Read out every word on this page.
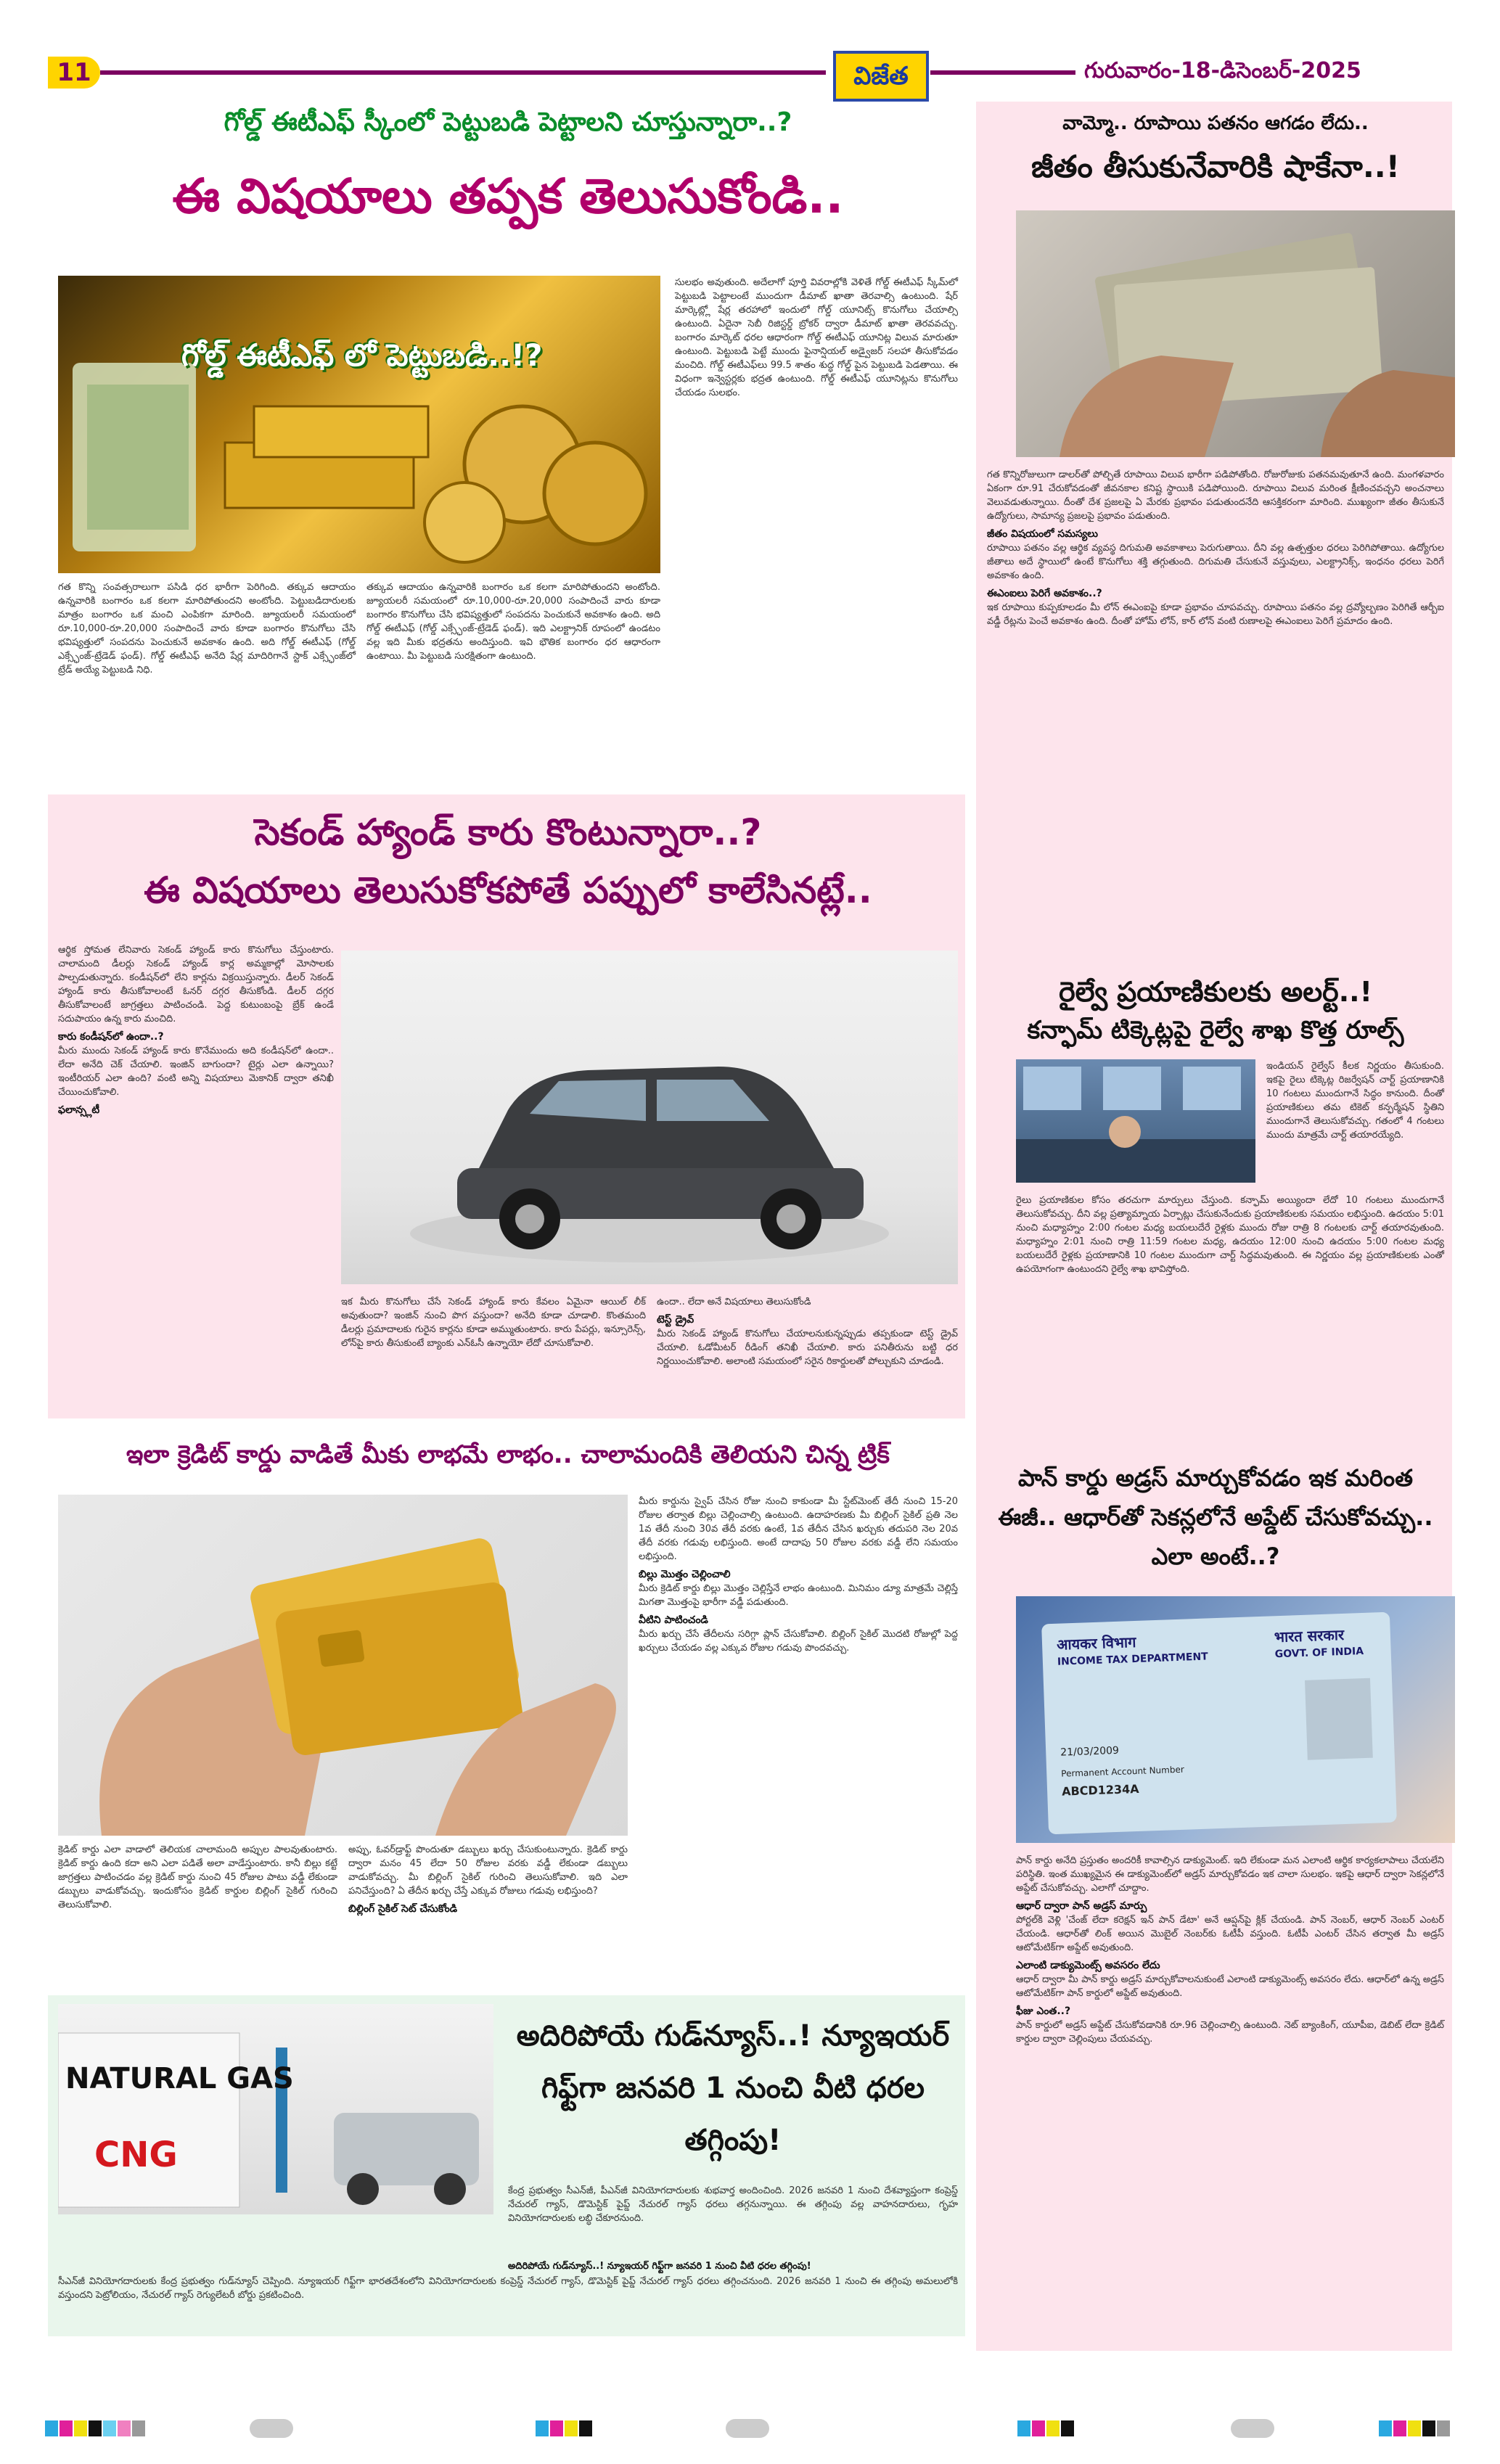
11	విజేత	గురువారం-18-డిసెంబర్-2025
గోల్డ్ ఈటీఎఫ్ స్కీంలో పెట్టుబడి పెట్టాలని చూస్తున్నారా..?
ఈ విషయాలు తప్పక తెలుసుకోండి..
గోల్డ్ ఈటీఎఫ్ లో పెట్టుబడి..!?
గత కొన్ని సంవత్సరాలుగా పసిడి ధర భారీగా పెరిగింది. తక్కువ ఆదాయం ఉన్నవారికి బంగారం ఒక కలగా మారిపోతుందని అంటోంది. పెట్టుబడిదారులకు మాత్రం బంగారం ఒక మంచి ఎంపికగా మారింది. జ్యూయలరీ సమయంలో రూ.10,000-రూ.20,000 సంపాదించే వారు కూడా బంగారం కొనుగోలు చేసి భవిష్యత్తులో సంపదను పెంచుకునే అవకాశం ఉంది. అది గోల్డ్ ఈటీఎఫ్ (గోల్డ్ ఎక్స్ఛేంజ్-ట్రేడెడ్ ఫండ్). గోల్డ్ ఈటీఎఫ్ అనేది షేర్ల మాదిరిగానే స్టాక్ ఎక్స్ఛేంజ్‌లో ట్రేడ్ అయ్యే పెట్టుబడి నిధి.
తక్కువ ఆదాయం ఉన్నవారికి బంగారం ఒక కలగా మారిపోతుందని అంటోంది. జ్యూయలరీ సమయంలో రూ.10,000-రూ.20,000 సంపాదించే వారు కూడా బంగారం కొనుగోలు చేసి భవిష్యత్తులో సంపదను పెంచుకునే అవకాశం ఉంది. అది గోల్డ్ ఈటీఎఫ్ (గోల్డ్ ఎక్స్ఛేంజ్-ట్రేడెడ్ ఫండ్). ఇది ఎలక్ట్రానిక్ రూపంలో ఉండటం వల్ల ఇది మీకు భద్రతను అందిస్తుంది. ఇవి భౌతిక బంగారం ధర ఆధారంగా ఉంటాయి. మీ పెట్టుబడి సురక్షితంగా ఉంటుంది.
సులభం అవుతుంది. అదేలాగో పూర్తి వివరాల్లోకి వెళితే గోల్డ్ ఈటీఎఫ్ స్కీమ్‌లో పెట్టుబడి పెట్టాలంటే ముందుగా డీమాట్ ఖాతా తెరవాల్సి ఉంటుంది. షేర్ మార్కెట్ల్లో షేర్ల తరహాలో ఇందులో గోల్డ్ యూనిట్స్ కొనుగోలు చేయాల్సి ఉంటుంది. ఏదైనా సెబీ రిజిస్టర్డ్ బ్రోకర్ ద్వారా డీమాట్ ఖాతా తెరవవచ్చు. బంగారం మార్కెట్ ధరల ఆధారంగా గోల్డ్ ఈటీఎఫ్ యూనిట్ల విలువ మారుతూ ఉంటుంది. పెట్టుబడి పెట్టే ముందు ఫైనాన్షియల్ అడ్వైజర్ సలహా తీసుకోవడం మంచిది. గోల్డ్ ఈటీఎఫ్‌లు 99.5 శాతం శుద్ధ గోల్డ్ పైన పెట్టుబడి పెడతాయి. ఈ విధంగా ఇన్వెస్టర్లకు భద్రత ఉంటుంది. గోల్డ్ ఈటీఎఫ్ యూనిట్లను కొనుగోలు చేయడం సులభం.
సెకండ్ హ్యాండ్ కారు కొంటున్నారా..?
ఈ విషయాలు తెలుసుకోకపోతే పప్పులో కాలేసినట్లే..
ఆర్థిక స్తోమత లేనివారు సెకండ్ హ్యాండ్ కారు కొనుగోలు చేస్తుంటారు. చాలామంది డీలర్లు సెకండ్ హ్యాండ్ కార్ల అమ్మకాల్లో మోసాలకు పాల్పడుతున్నారు. కండీషన్‌లో లేని కార్లను విక్రయిస్తున్నారు. డీలర్ సెకండ్ హ్యాండ్ కారు తీసుకోవాలంటే ఓనర్ దగ్గర తీసుకోండి. డీలర్ దగ్గర తీసుకోవాలంటే జాగ్రత్తలు పాటించండి. పెద్ద కుటుంబంపై బ్రేక్ ఉండే సదుపాయం ఉన్న కారు మంచిది.
కారు కండీషన్‌లో ఉందా..?
మీరు ముందు సెకండ్ హ్యాండ్ కారు కొనేముందు అది కండీషన్‌లో ఉందా.. లేదా అనేది చెక్ చేయాలి. ఇంజిన్ బాగుందా? టైర్లు ఎలా ఉన్నాయి? ఇంటీరియర్ ఎలా ఉంది? వంటి అన్ని విషయాలు మెకానిక్ ద్వారా తనిఖీ చేయించుకోవాలి.
ఫలాన్స్లటీ
ఇక మీరు కొనుగోలు చేసే సెకండ్ హ్యాండ్ కారు కేవలం ఏమైనా ఆయిల్ లీక్ అవుతుందా? ఇంజిన్ నుంచి పొగ వస్తుందా? అనేది కూడా చూడాలి. కొంతమంది డీలర్లు ప్రమాదాలకు గురైన కార్లను కూడా అమ్ముతుంటారు. కారు పేపర్లు, ఇన్సూరెన్స్, లోన్‌పై కారు తీసుకుంటే బ్యాంకు ఎన్ఓసీ ఉన్నాయో లేదో చూసుకోవాలి.
ఉందా.. లేదా అనే విషయాలు తెలుసుకోండి
టెస్ట్ డ్రైవ్
మీరు సెకండ్ హ్యాండ్ కొనుగోలు చేయాలనుకున్నప్పుడు తప్పకుండా టెస్ట్ డ్రైవ్ చేయాలి. ఓడోమీటర్ రీడింగ్ తనిఖీ చేయాలి. కారు పనితీరును బట్టి ధర నిర్ణయించుకోవాలి. అలాంటి సమయంలో సరైన రికార్డులతో పోల్చుకుని చూడండి.
ఇలా క్రెడిట్ కార్డు వాడితే మీకు లాభమే లాభం.. చాలామందికి తెలియని చిన్న ట్రిక్
క్రెడిట్ కార్డు ఎలా వాడాలో తెలియక చాలామంది అప్పుల పాలవుతుంటారు. క్రెడిట్ కార్డు ఉంది కదా అని ఎలా పడితే అలా వాడేస్తుంటారు. కానీ బిల్లు కట్టే జాగ్రత్తలు పాటించడం వల్ల క్రెడిట్ కార్డు నుంచి 45 రోజుల పాటు వడ్డీ లేకుండా డబ్బులు వాడుకోవచ్చు. ఇందుకోసం క్రెడిట్ కార్డుల బిల్లింగ్ సైకిల్ గురించి తెలుసుకోవాలి.
అప్పు, ఓవర్‌డ్రాఫ్ట్ పొందుతూ డబ్బులు ఖర్చు చేసుకుంటున్నారు. క్రెడిట్ కార్డు ద్వారా మనం 45 లేదా 50 రోజుల వరకు వడ్డీ లేకుండా డబ్బులు వాడుకోవచ్చు. మీ బిల్లింగ్ సైకిల్ గురించి తెలుసుకోవాలి. ఇది ఎలా పనిచేస్తుంది? ఏ తేదీన ఖర్చు చేస్తే ఎక్కువ రోజులు గడువు లభిస్తుంది?
బిల్లింగ్ సైకిల్ సెట్ చేసుకోండి
మీరు కార్డును స్వైప్ చేసిన రోజు నుంచి కాకుండా మీ స్టేట్‌మెంట్ తేదీ నుంచి 15-20 రోజుల తర్వాత బిల్లు చెల్లించాల్సి ఉంటుంది. ఉదాహరణకు మీ బిల్లింగ్ సైకిల్ ప్రతి నెల 1వ తేదీ నుంచి 30వ తేదీ వరకు ఉంటే, 1వ తేదీన చేసిన ఖర్చుకు తదుపరి నెల 20వ తేదీ వరకు గడువు లభిస్తుంది. అంటే దాదాపు 50 రోజుల వరకు వడ్డీ లేని సమయం లభిస్తుంది.
బిల్లు మొత్తం చెల్లించాలి
మీరు క్రెడిట్ కార్డు బిల్లు మొత్తం చెల్లిస్తేనే లాభం ఉంటుంది. మినిమం డ్యూ మాత్రమే చెల్లిస్తే మిగతా మొత్తంపై భారీగా వడ్డీ పడుతుంది.
వీటిని పాటించండి
మీరు ఖర్చు చేసే తేదీలను సరిగ్గా ప్లాన్ చేసుకోవాలి. బిల్లింగ్ సైకిల్ మొదటి రోజుల్లో పెద్ద ఖర్చులు చేయడం వల్ల ఎక్కువ రోజుల గడువు పొందవచ్చు.
NATURAL GAS
CNG
అదిరిపోయే గుడ్‌న్యూస్..! న్యూఇయర్ గిఫ్ట్‌గా జనవరి 1 నుంచి వీటి ధరల తగ్గింపు!
కేంద్ర ప్రభుత్వం సీఎన్‌జీ, పీఎన్‌జీ వినియోగదారులకు శుభవార్త అందించింది. 2026 జనవరి 1 నుంచి దేశవ్యాప్తంగా కంప్రెస్డ్ నేచురల్ గ్యాస్, డొమెస్టిక్ పైప్డ్ నేచురల్ గ్యాస్ ధరలు తగ్గనున్నాయి. ఈ తగ్గింపు వల్ల వాహనదారులు, గృహ వినియోగదారులకు లబ్ధి చేకూరనుంది.
అదిరిపోయే గుడ్‌న్యూస్..! న్యూఇయర్ గిఫ్ట్‌గా జనవరి 1 నుంచి వీటి ధరల తగ్గింపు!
సీఎన్‌జీ వినియోగదారులకు కేంద్ర ప్రభుత్వం గుడ్‌న్యూస్ చెప్పింది. న్యూఇయర్ గిఫ్ట్‌గా భారతదేశంలోని వినియోగదారులకు కంప్రెస్డ్ నేచురల్ గ్యాస్, డొమెస్టిక్ పైప్డ్ నేచురల్ గ్యాస్ ధరలు తగ్గించనుంది. 2026 జనవరి 1 నుంచి ఈ తగ్గింపు అమలులోకి వస్తుందని పెట్రోలియం, నేచురల్ గ్యాస్ రెగ్యులేటరీ బోర్డు ప్రకటించింది.
వామ్మో.. రూపాయి పతనం ఆగడం లేదు..
జీతం తీసుకునేవారికి షాకేనా..!
గత కొన్నిరోజులుగా డాలర్‌తో పోల్చితే రూపాయి విలువ భారీగా పడిపోతోంది. రోజురోజుకు పతనమవుతూనే ఉంది. మంగళవారం ఏకంగా రూ.91 చేరుకోవడంతో జీవనకాల కనిష్ట స్థాయికి పడిపోయింది. రూపాయి విలువ మరింత క్షీణించవచ్చని అంచనాలు వెలువడుతున్నాయి. దీంతో దేశ ప్రజలపై ఏ మేరకు ప్రభావం పడుతుందనేది ఆసక్తికరంగా మారింది. ముఖ్యంగా జీతం తీసుకునే ఉద్యోగులు, సామాన్య ప్రజలపై ప్రభావం పడుతుంది.
జీతం విషయంలో సమస్యలు
రూపాయి పతనం వల్ల ఆర్థిక వ్యవస్థ దిగుమతి అవకాశాలు పెరుగుతాయి. దీని వల్ల ఉత్పత్తుల ధరలు పెరిగిపోతాయి. ఉద్యోగుల జీతాలు అదే స్థాయిలో ఉంటే కొనుగోలు శక్తి తగ్గుతుంది. దిగుమతి చేసుకునే వస్తువులు, ఎలక్ట్రానిక్స్, ఇంధనం ధరలు పెరిగే అవకాశం ఉంది.
ఈఎంఐలు పెరిగే అవకాశం..?
ఇక రూపాయి కుప్పకూలడం మీ లోన్ ఈఎంఐపై కూడా ప్రభావం చూపవచ్చు. రూపాయి పతనం వల్ల ద్రవ్యోల్బణం పెరిగితే ఆర్బీఐ వడ్డీ రేట్లను పెంచే అవకాశం ఉంది. దీంతో హోమ్ లోన్, కార్ లోన్ వంటి రుణాలపై ఈఎంఐలు పెరిగే ప్రమాదం ఉంది.
రైల్వే ప్రయాణికులకు అలర్ట్..!
కన్ఫామ్ టిక్కెట్లపై రైల్వే శాఖ కొత్త రూల్స్
ఇండియన్ రైల్వేస్ కీలక నిర్ణయం తీసుకుంది. ఇకపై రైలు టిక్కెట్ల రిజర్వేషన్ చార్ట్ ప్రయాణానికి 10 గంటలు ముందుగానే సిద్ధం కానుంది. దీంతో ప్రయాణికులు తమ టికెట్ కన్ఫర్మేషన్ స్థితిని ముందుగానే తెలుసుకోవచ్చు. గతంలో 4 గంటలు ముందు మాత్రమే చార్ట్ తయారయ్యేది.
రైలు ప్రయాణికుల కోసం తరచుగా మార్పులు చేస్తుంది. కన్ఫామ్ అయ్యిందా లేదో 10 గంటలు ముందుగానే తెలుసుకోవచ్చు. దీని వల్ల ప్రత్యామ్నాయ ఏర్పాట్లు చేసుకునేందుకు ప్రయాణికులకు సమయం లభిస్తుంది. ఉదయం 5:01 నుంచి మధ్యాహ్నం 2:00 గంటల మధ్య బయలుదేరే రైళ్లకు ముందు రోజు రాత్రి 8 గంటలకు చార్ట్ తయారవుతుంది. మధ్యాహ్నం 2:01 నుంచి రాత్రి 11:59 గంటల మధ్య, ఉదయం 12:00 నుంచి ఉదయం 5:00 గంటల మధ్య బయలుదేరే రైళ్లకు ప్రయాణానికి 10 గంటల ముందుగా చార్ట్ సిద్ధమవుతుంది. ఈ నిర్ణయం వల్ల ప్రయాణికులకు ఎంతో ఉపయోగంగా ఉంటుందని రైల్వే శాఖ భావిస్తోంది.
పాన్ కార్డు అడ్రస్ మార్చుకోవడం ఇక మరింత ఈజీ.. ఆధార్‌తో సెకన్లలోనే అప్డేట్ చేసుకోవచ్చు.. ఎలా అంటే..?
आयकर विभाग	भारत सरकार
INCOME TAX DEPARTMENT	GOVT. OF INDIA
21/03/2009
Permanent Account Number
ABCD1234A
పాన్ కార్డు అనేది ప్రస్తుతం అందరికీ కావాల్సిన డాక్యుమెంట్. ఇది లేకుండా మన ఎలాంటి ఆర్థిక కార్యకలాపాలు చేయలేని పరిస్థితి. ఇంత ముఖ్యమైన ఈ డాక్యుమెంట్‌లో అడ్రస్ మార్చుకోవడం ఇక చాలా సులభం. ఇకపై ఆధార్ ద్వారా సెకన్లలోనే అప్డేట్ చేసుకోవచ్చు. ఎలాగో చూద్దాం.
ఆధార్ ద్వారా పాన్ అడ్రస్ మార్పు
పోర్టల్‌కి వెళ్లి 'చేంజ్ లేదా కరెక్షన్ ఇన్ పాన్ డేటా' అనే ఆప్షన్‌పై క్లిక్ చేయండి. పాన్ నెంబర్, ఆధార్ నెంబర్ ఎంటర్ చేయండి. ఆధార్‌తో లింక్ అయిన మొబైల్ నెంబర్‌కు ఓటీపీ వస్తుంది. ఓటీపీ ఎంటర్ చేసిన తర్వాత మీ అడ్రస్ ఆటోమేటిక్‌గా అప్డేట్ అవుతుంది.
ఎలాంటి డాక్యుమెంట్స్ అవసరం లేదు
ఆధార్ ద్వారా మీ పాన్ కార్డు అడ్రస్ మార్చుకోవాలనుకుంటే ఎలాంటి డాక్యుమెంట్స్ అవసరం లేదు. ఆధార్‌లో ఉన్న అడ్రస్ ఆటోమేటిక్‌గా పాన్ కార్డులో అప్డేట్ అవుతుంది.
ఫీజు ఎంత..?
పాన్ కార్డులో అడ్రస్ అప్డేట్ చేసుకోవడానికి రూ.96 చెల్లించాల్సి ఉంటుంది. నెట్ బ్యాంకింగ్, యూపీఐ, డెబిట్ లేదా క్రెడిట్ కార్డుల ద్వారా చెల్లింపులు చేయవచ్చు.
